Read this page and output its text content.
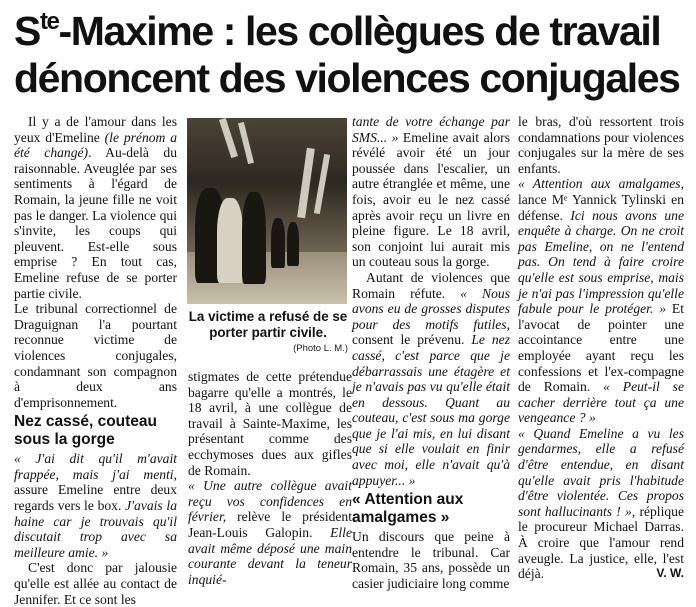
$S^{te}$-Maxime : les collègues de travail
dénoncent des violences conjugales

Il y a de l'amour dans les yeux d'Emeline (le prénom a été changé). Au-delà du raisonnable. Aveuglée par ses sentiments à l'égard de Romain, la jeune fille ne voit pas le danger. La violence qui s'invite, les coups qui pleuvent. Est-elle sous emprise ? En tout cas, Emeline refuse de se porter partie civile.

Le tribunal correctionnel de Draguignan l'a pourtant reconnue victime de violences conjugales, condamnant son compagnon à deux ans d'emprisonnement.

Nez cassé, couteau sous la gorge

« J'ai dit qu'il m'avait frappée, mais j'ai menti, assure Emeline entre deux regards vers le box. J'avais la haine car je trouvais qu'il discutait trop avec sa meilleure amie. »

C'est donc par jalousie qu'elle est allée au contact de Jennifer. Et ce sont les

La victime a refusé de se porter partir civile.
(Photo L. M.)

stigmates de cette prétendue bagarre qu'elle a montrés, le 18 avril, à une collègue de travail à Sainte-Maxime, les présentant comme des ecchymoses dues aux gifles de Romain.

« Une autre collègue avait reçu vos confidences en février, relève le président Jean-Louis Galopin. Elle avait même déposé une main courante devant la teneur inquié-

tante de votre échange par SMS... » Emeline avait alors révélé avoir été un jour poussée dans l'escalier, un autre étranglée et même, une fois, avoir eu le nez cassé après avoir reçu un livre en pleine figure. Le 18 avril, son conjoint lui aurait mis un couteau sous la gorge.

Autant de violences que Romain réfute. « Nous avons eu de grosses disputes pour des motifs futiles, consent le prévenu. Le nez cassé, c'est parce que je débarrassais une étagère et je n'avais pas vu qu'elle était en dessous. Quant au couteau, c'est sous ma gorge que je l'ai mis, en lui disant que si elle voulait en finir avec moi, elle n'avait qu'à appuyer... »

« Attention aux amalgames »

Un discours que peine à entendre le tribunal. Car Romain, 35 ans, possède un casier judiciaire long comme

le bras, d'où ressortent trois condamnations pour violences conjugales sur la mère de ses enfants.

« Attention aux amalgames, lance Mᵉ Yannick Tylinski en défense. Ici nous avons une enquête à charge. On ne croit pas Emeline, on ne l'entend pas. On tend à faire croire qu'elle est sous emprise, mais je n'ai pas l'impression qu'elle fabule pour le protéger. » Et l'avocat de pointer une accointance entre une employée ayant reçu les confessions et l'ex-compagne de Romain. « Peut-il se cacher derrière tout ça une vengeance ? »

« Quand Emeline a vu les gendarmes, elle a refusé d'être entendue, en disant qu'elle avait pris l'habitude d'être violentée. Ces propos sont hallucinants ! », réplique le procureur Michael Darras. À croire que l'amour rend aveugle. La justice, elle, l'est déjà.	V. W.
